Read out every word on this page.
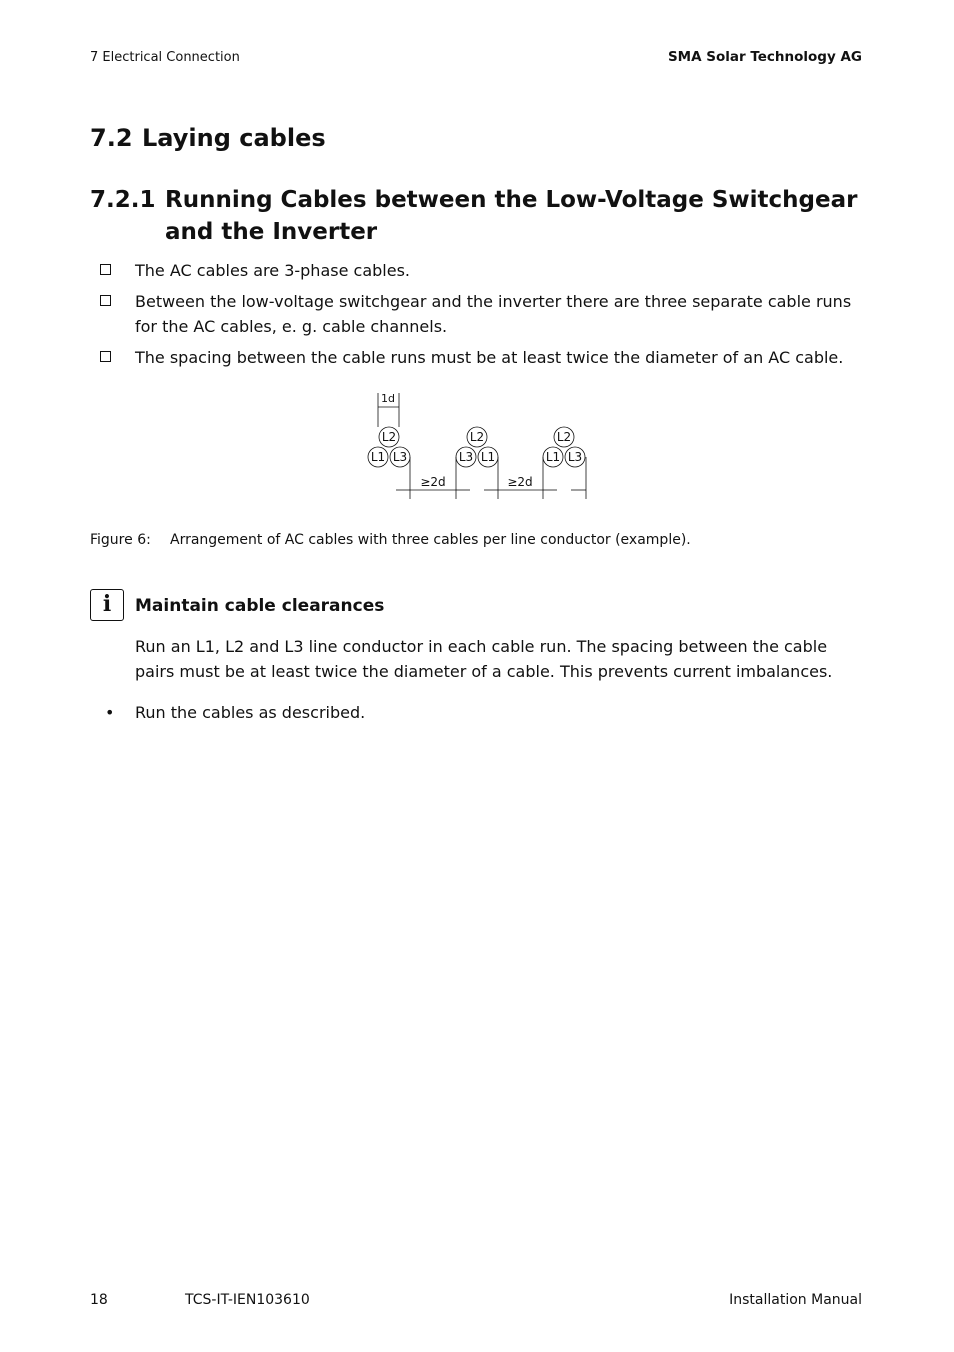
7 Electrical Connection	SMA Solar Technology AG
7.2 Laying cables
7.2.1 Running Cables between the Low-Voltage Switchgear and the Inverter
The AC cables are 3-phase cables.
Between the low-voltage switchgear and the inverter there are three separate cable runs for the AC cables, e. g. cable channels.
The spacing between the cable runs must be at least twice the diameter of an AC cable.
1d
L2
L1 L3
L2
L3 L1
L2
L1 L3
≥2d	≥2d
Figure 6: Arrangement of AC cables with three cables per line conductor (example).
i	Maintain cable clearances
Run an L1, L2 and L3 line conductor in each cable run. The spacing between the cable pairs must be at least twice the diameter of a cable. This prevents current imbalances.
• Run the cables as described.
18	TCS-IT-IEN103610	Installation Manual
